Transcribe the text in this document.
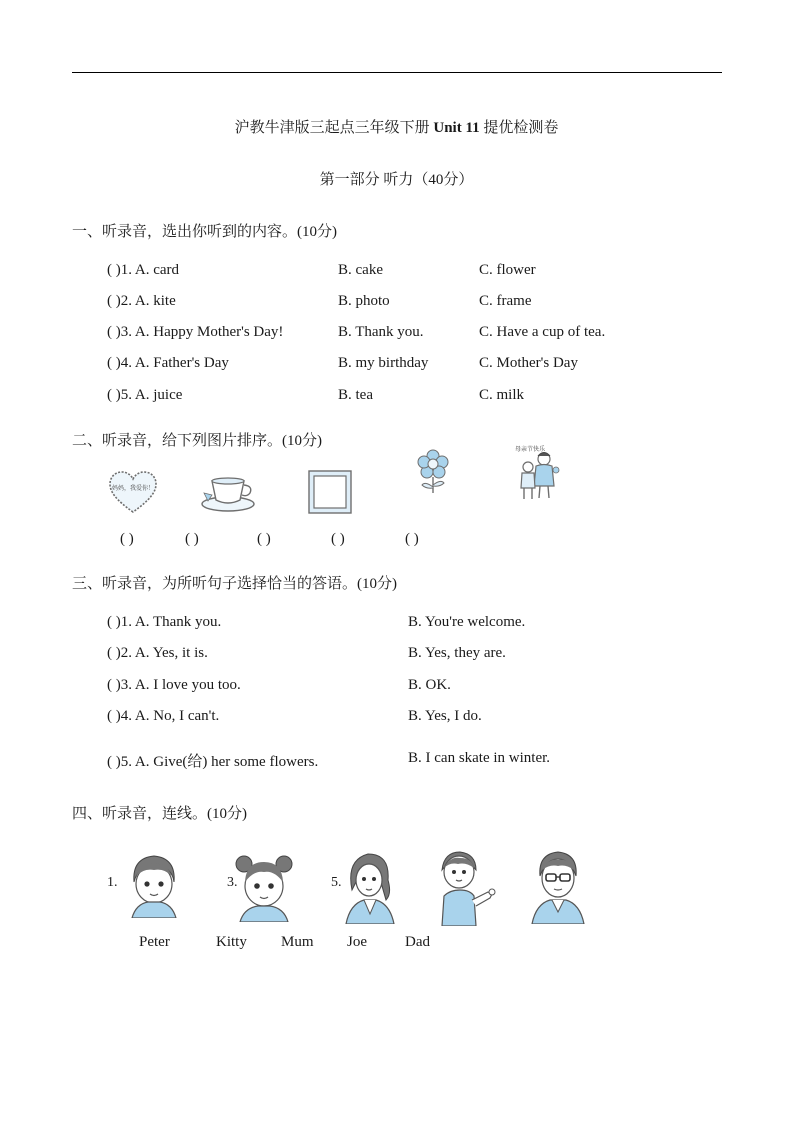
沪教牛津版三起点三年级下册 Unit 11 提优检测卷
第一部分 听力（40分）
一、听录音，选出你听到的内容。(10分)
( )1. A. card	B. cake	C. flower
( )2. A. kite	B. photo	C. frame
( )3. A. Happy Mother's Day!	B. Thank you.	C. Have a cup of tea.
( )4. A. Father's Day	B. my birthday	C. Mother's Day
( )5. A. juice	B. tea	C. milk
二、听录音，给下列图片排序。(10分)
妈妈，我爱你！
母亲节快乐
( )	( )	( )	( )	( )
三、听录音，为所听句子选择恰当的答语。(10分)
( )1. A. Thank you.	B. You're welcome.
( )2. A. Yes, it is.	B. Yes, they are.
( )3. A. I love you too.	B. OK.
( )4. A. No, I can't.	B. Yes, I do.
( )5. A. Give(给) her some flowers.	B. I can skate in winter.
四、听录音，连线。(10分)
1.	3.	5.
Peter	Kitty Mum Joe	Dad
